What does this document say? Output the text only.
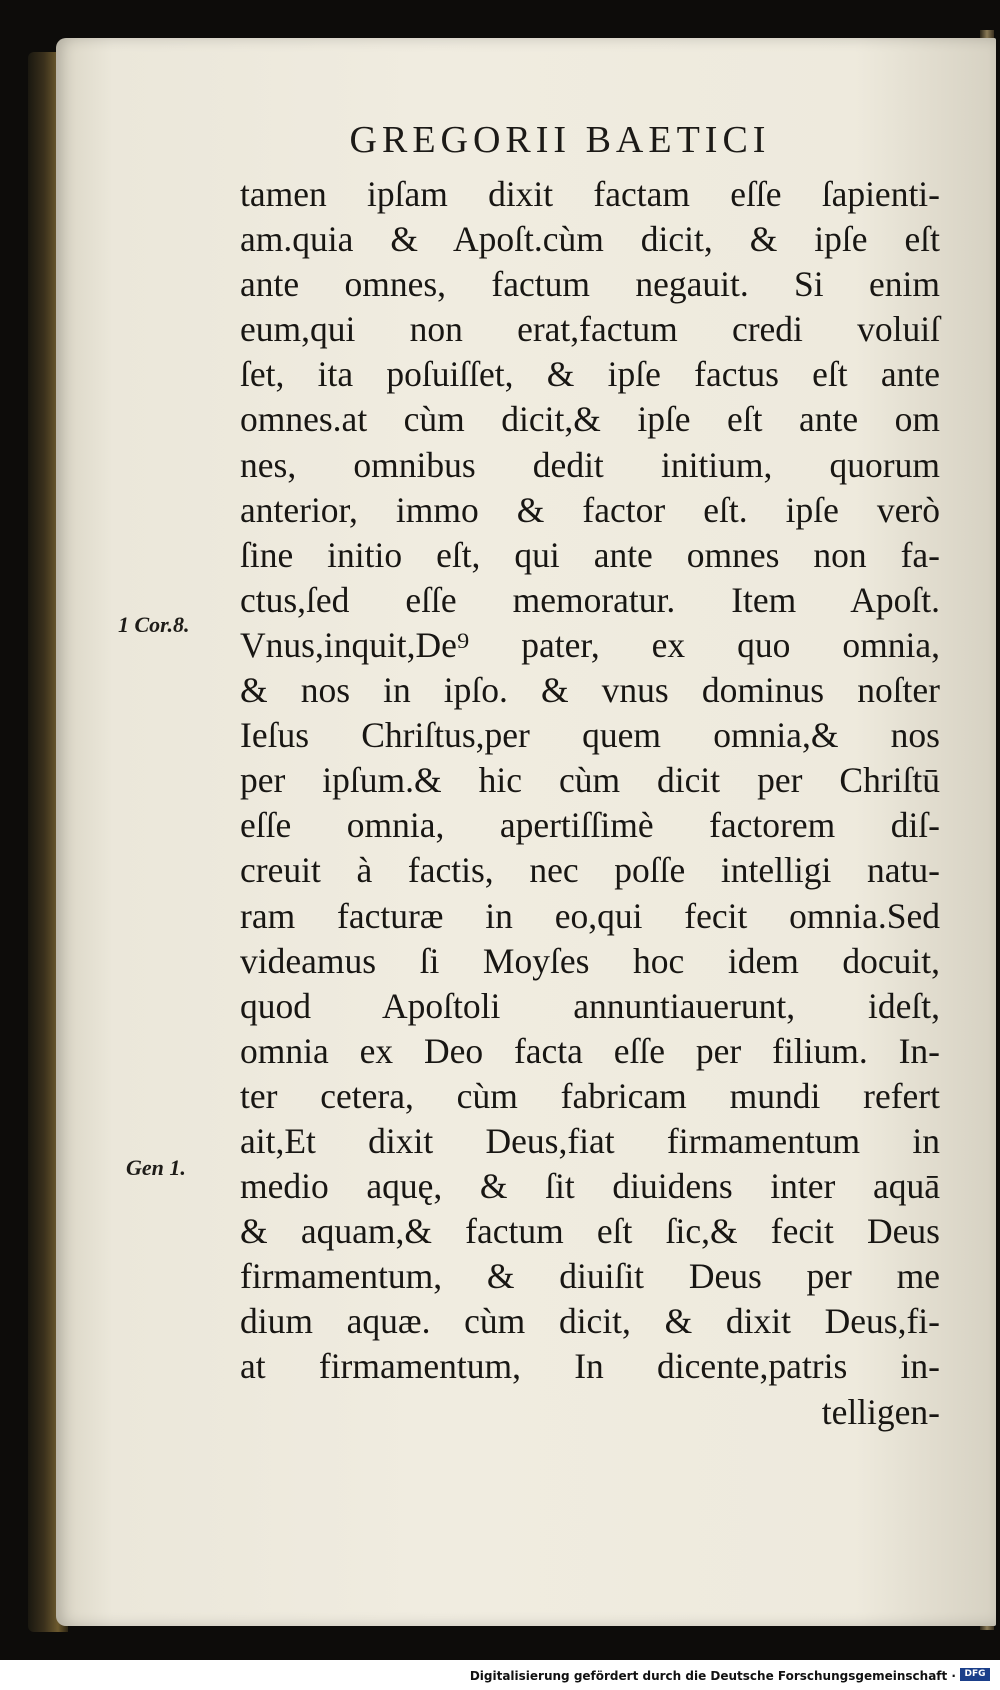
GREGORII BAETICI
tamen ipſam dixit factam eſſe ſapienti-
am.quia & Apoſt.cùm dicit, & ipſe eſt
ante omnes, factum negauit. Si enim
eum,qui non erat,factum credi voluiſ
ſet, ita poſuiſſet, & ipſe factus eſt ante
omnes.at cùm dicit,& ipſe eſt ante om
nes, omnibus dedit initium, quorum
anterior, immo & factor eſt. ipſe verò
ſine initio eſt, qui ante omnes non fa-
ctus,ſed eſſe memoratur. Item Apoſt.
Vnus,inquit,De⁹ pater, ex quo omnia,
& nos in ipſo. & vnus dominus noſter
Ieſus Chriſtus,per quem omnia,& nos
per ipſum.& hic cùm dicit per Chriſtū
eſſe omnia, apertiſſimè factorem diſ-
creuit à factis, nec poſſe intelligi natu-
ram facturæ in eo,qui fecit omnia.Sed
videamus ſi Moyſes hoc idem docuit,
quod Apoſtoli annuntiauerunt, ideſt,
omnia ex Deo facta eſſe per filium. In-
ter cetera, cùm fabricam mundi refert
ait,Et dixit Deus,fiat firmamentum in
medio aquę, & ſit diuidens inter aquā
& aquam,& factum eſt ſic,& fecit Deus
firmamentum, & diuiſit Deus per me
dium aquæ. cùm dicit, & dixit Deus,fi-
at firmamentum, In dicente,patris in-
telligen-
1 Cor.8.
Gen 1.
Digitalisierung gefördert durch die Deutsche Forschungsgemeinschaft · DFG
